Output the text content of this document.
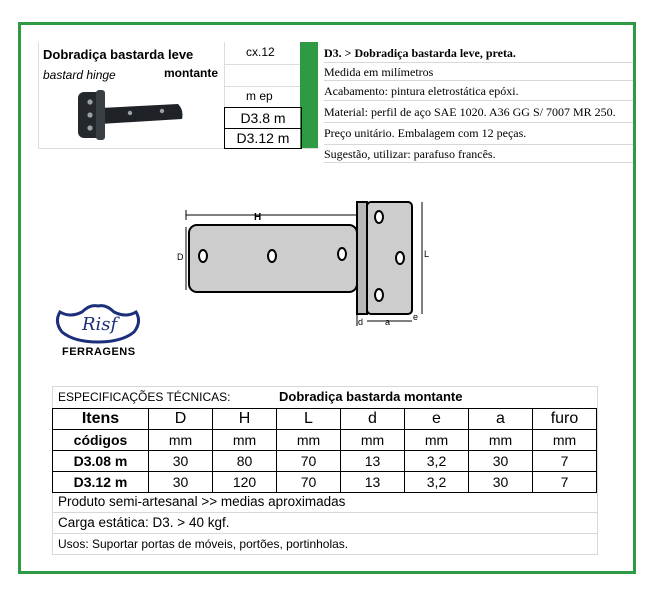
Dobradiça bastarda leve
bastard hinge	montante
cx.12
m ep
D3.8 m
D3.12 m
D3. > Dobradiça bastarda leve, preta.
Medida em milímetros
Acabamento: pintura eletrostática epóxi.
Material: perfil de aço SAE 1020. A36 GG S/ 7007 MR 250.
Preço unitário. Embalagem com 12 peças.
Sugestão, utilizar: parafuso francês.
H
D	L
d a	e
Risf
FERRAGENS
ESPECIFICAÇÕES TÉCNICAS:	Dobradiça bastarda montante
Itens	D	H	L	d	e	a	furo
códigos	mm	mm	mm	mm	mm	mm	mm
D3.08 m	30	80	70	13	3,2	30	7
D3.12 m	30	120	70	13	3,2	30	7
Produto semi-artesanal >> medias aproximadas
Carga estática: D3. > 40 kgf.
Usos: Suportar portas de móveis, portões, portinholas.
